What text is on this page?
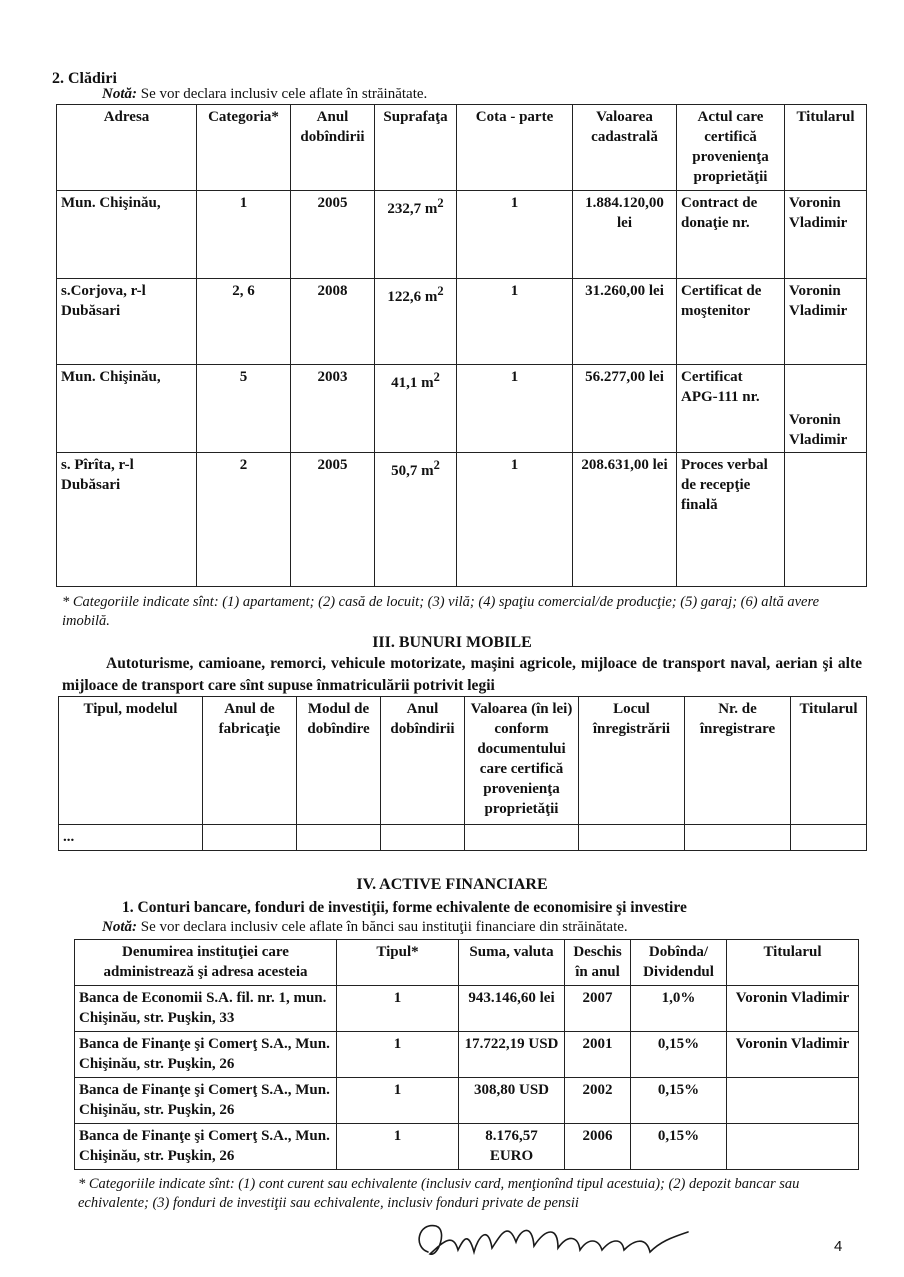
2. Clădiri
Notă: Se vor declara inclusiv cele aflate în străinătate.
Adresa	Categoria*	Anul dobîndirii	Suprafaţa	Cota - parte	Valoarea cadastrală	Actul care certifică provenienţa proprietăţii	Titularul
Mun. Chişinău,	1	2005	232,7 $m^2$	1	1.884.120,00 lei	Contract de donaţie nr.	Voronin Vladimir
s.Corjova, r-l Dubăsari	2, 6	2008	122,6 $m^2$	1	31.260,00 lei	Certificat de moştenitor	Voronin Vladimir
Mun. Chişinău,	5	2003	41,1 $m^2$	1	56.277,00 lei	Certificat APG-111 nr.	Voronin Vladimir
s. Pîrîta, r-l Dubăsari	2	2005	50,7 $m^2$	1	208.631,00 lei	Proces verbal de recepţie finală	
* Categoriile indicate sînt: (1) apartament; (2) casă de locuit; (3) vilă; (4) spaţiu comercial/de producţie; (5) garaj; (6) altă avere imobilă.
III. BUNURI MOBILE
Autoturisme, camioane, remorci, vehicule motorizate, maşini agricole, mijloace de transport naval, aerian şi alte mijloace de transport care sînt supuse înmatriculării potrivit legii
Tipul, modelul	Anul de fabricaţie	Modul de dobîndire	Anul dobîndirii	Valoarea (în lei) conform documentului care certifică provenienţa proprietăţii	Locul înregistrării	Nr. de înregistrare	Titularul
...							
IV. ACTIVE FINANCIARE
1. Conturi bancare, fonduri de investiţii, forme echivalente de economisire şi investire
Notă: Se vor declara inclusiv cele aflate în bănci sau instituţii financiare din străinătate.
Denumirea instituţiei care administrează şi adresa acesteia	Tipul*	Suma, valuta	Deschis în anul	Dobînda/ Dividendul	Titularul
Banca de Economii S.A. fil. nr. 1, mun. Chişinău, str. Puşkin, 33	1	943.146,60 lei	2007	1,0%	Voronin Vladimir
Banca de Finanţe şi Comerţ S.A., Mun. Chişinău, str. Puşkin, 26	1	17.722,19 USD	2001	0,15%	Voronin Vladimir
Banca de Finanţe şi Comerţ S.A., Mun. Chişinău, str. Puşkin, 26	1	308,80 USD	2002	0,15%	
Banca de Finanţe şi Comerţ S.A., Mun. Chişinău, str. Puşkin, 26	1	8.176,57 EURO	2006	0,15%	
* Categoriile indicate sînt: (1) cont curent sau echivalente (inclusiv card, menţionînd tipul acestuia); (2) depozit bancar sau echivalente; (3) fonduri de investiţii sau echivalente, inclusiv fonduri private de pensii
4
